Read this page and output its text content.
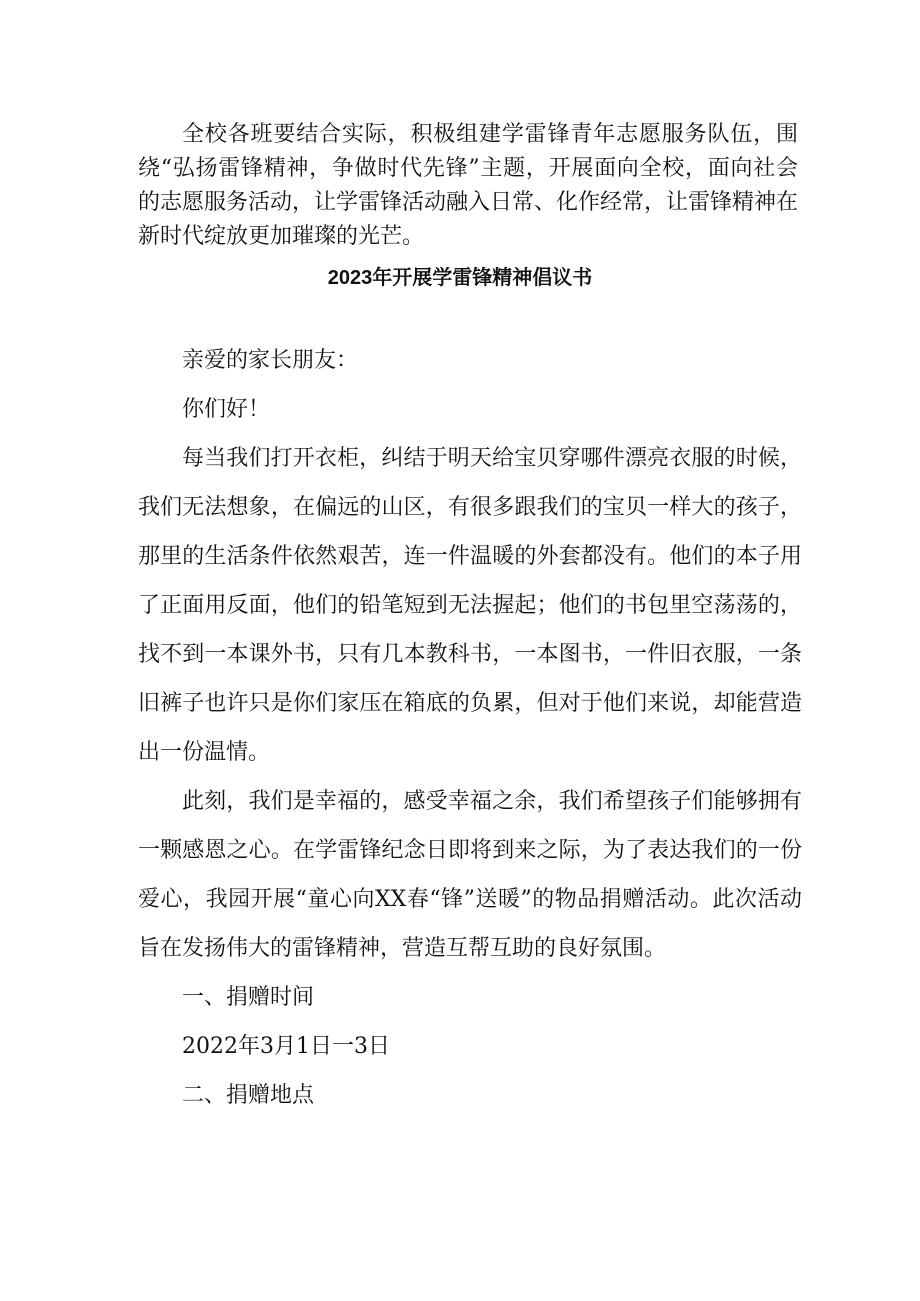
全校各班要结合实际，积极组建学雷锋青年志愿服务队伍，围绕“弘扬雷锋精神，争做时代先锋”主题，开展面向全校，面向社会的志愿服务活动，让学雷锋活动融入日常、化作经常，让雷锋精神在新时代绽放更加璀璨的光芒。

2023年开展学雷锋精神倡议书

亲爱的家长朋友：

你们好！

每当我们打开衣柜，纠结于明天给宝贝穿哪件漂亮衣服的时候，我们无法想象，在偏远的山区，有很多跟我们的宝贝一样大的孩子，那里的生活条件依然艰苦，连一件温暖的外套都没有。他们的本子用了正面用反面，他们的铅笔短到无法握起；他们的书包里空荡荡的，找不到一本课外书，只有几本教科书，一本图书，一件旧衣服，一条旧裤子也许只是你们家压在箱底的负累，但对于他们来说，却能营造出一份温情。

此刻，我们是幸福的，感受幸福之余，我们希望孩子们能够拥有一颗感恩之心。在学雷锋纪念日即将到来之际，为了表达我们的一份爱心，我园开展“童心向XX春“锋”送暖”的物品捐赠活动。此次活动旨在发扬伟大的雷锋精神，营造互帮互助的良好氛围。

一、捐赠时间

2022年3月1日一3日

二、捐赠地点
